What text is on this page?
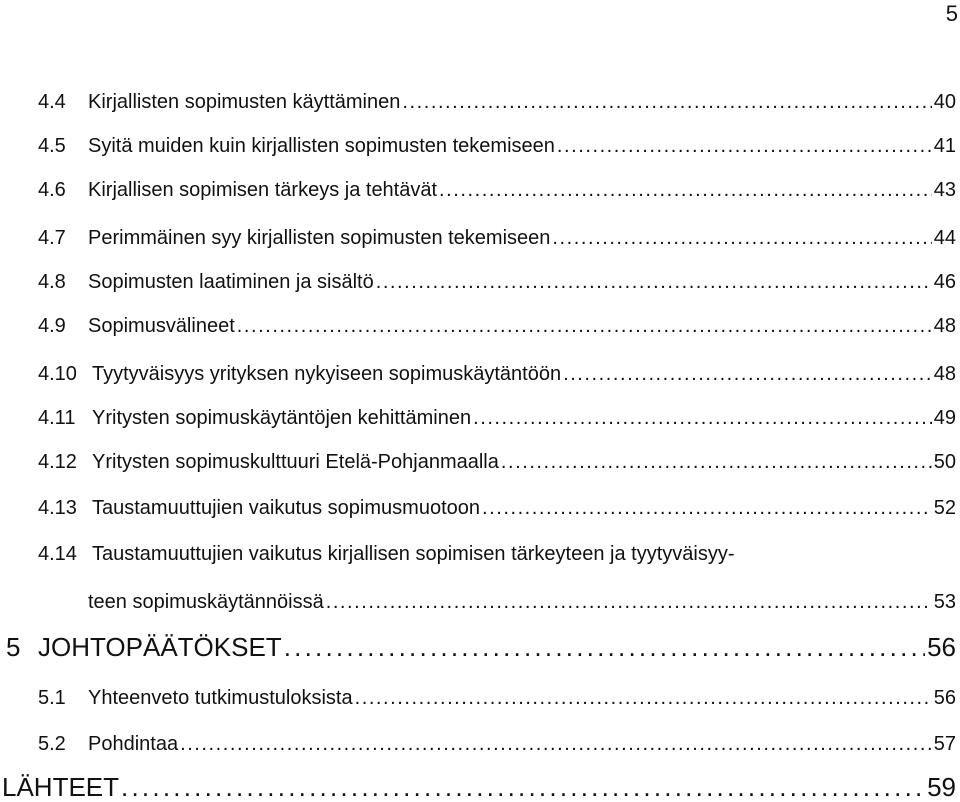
5
4.4	Kirjallisten sopimusten käyttäminen . . .	40
4.5	Syitä muiden kuin kirjallisten sopimusten tekemiseen . . .	41
4.6	Kirjallisen sopimisen tärkeys ja tehtävät . . .	43
4.7	Perimmäinen syy kirjallisten sopimusten tekemiseen . . .	44
4.8	Sopimusten laatiminen ja sisältö . . .	46
4.9	Sopimusvälineet . . .	48
4.10 Tyytyväisyys yrityksen nykyiseen sopimuskäytäntöön . . .	48
4.11 Yritysten sopimuskäytäntöjen kehittäminen . . .	49
4.12 Yritysten sopimuskulttuuri Etelä-Pohjanmaalla . . .	50
4.13 Taustamuuttujien vaikutus sopimusmuotoon . . .	52
4.14 Taustamuuttujien vaikutus kirjallisen sopimisen tärkeyteen ja tyytyväisyy-
teen sopimuskäytännöissä . . .	53
5 JOHTOPÄÄTÖKSET . . .	56
5.1	Yhteenveto tutkimustuloksista . . .	56
5.2	Pohdintaa . . .	57
LÄHTEET . . .	59
